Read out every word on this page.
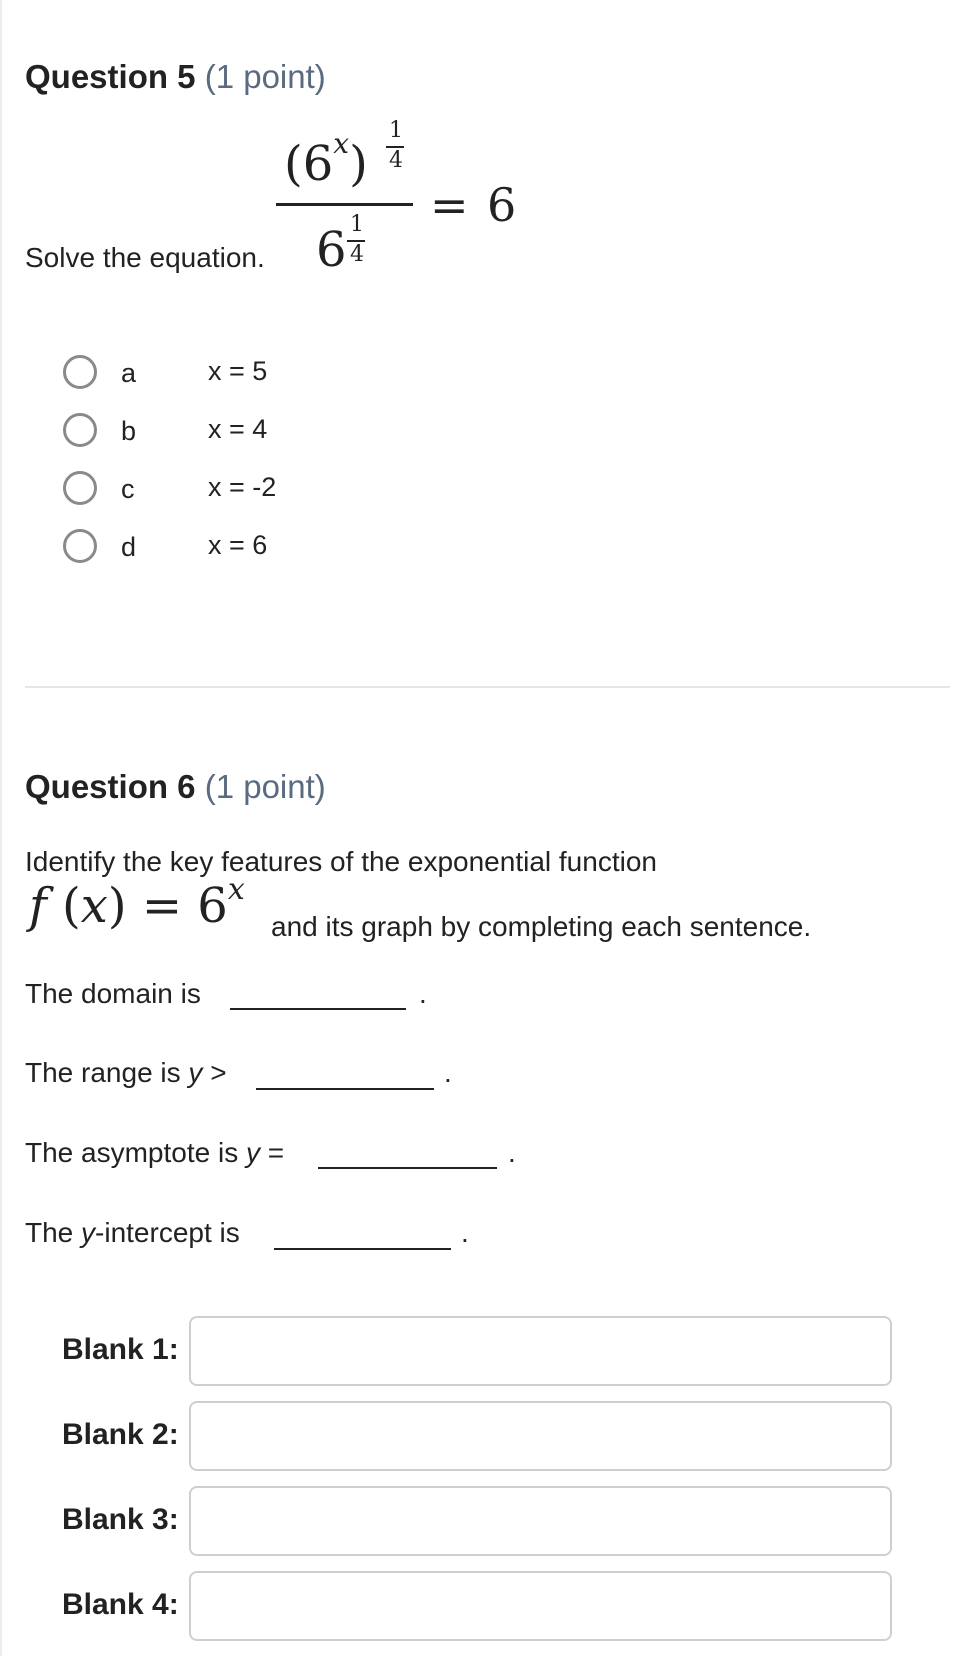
Question 5 (1 point)
Solve the equation.
(6$^x$)
1
4
6 1
4
= 6
a	x = 5
b	x = 4
c	x = -2
d	x = 6
Question 6 (1 point)
Identify the key features of the exponential function
f $(x) = 6^x$
and its graph by completing each sentence.
The domain is	.
The range is y >	.
The asymptote is y =	.
The y-intercept is	.
Blank 1:
Blank 2:
Blank 3:
Blank 4:
